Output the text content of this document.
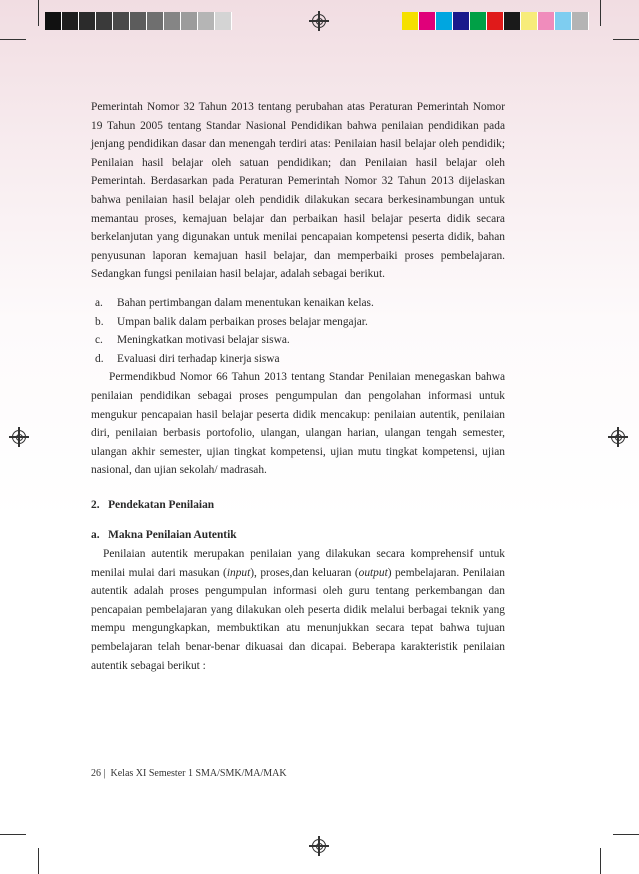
Pemerintah Nomor 32 Tahun 2013 tentang perubahan atas Peraturan Pemerintah Nomor 19 Tahun 2005 tentang Standar Nasional Pendidikan bahwa penilaian pendidikan pada jenjang pendidikan dasar dan menengah terdiri atas: Penilaian hasil belajar oleh pendidik; Penilaian hasil belajar oleh satuan pendidikan; dan Penilaian hasil belajar oleh Pemerintah. Berdasarkan pada Peraturan Pemerintah Nomor 32 Tahun 2013 dijelaskan bahwa penilaian hasil belajar oleh pendidik dilakukan secara berkesinambungan untuk memantau proses, kemajuan belajar dan perbaikan hasil belajar peserta didik secara berkelanjutan yang digunakan untuk menilai pencapaian kompetensi peserta didik, bahan penyusunan laporan kemajuan hasil belajar, dan memperbaiki proses pembelajaran. Sedangkan fungsi penilaian hasil belajar, adalah sebagai berikut.

a.	Bahan pertimbangan dalam menentukan kenaikan kelas.
b.	Umpan balik dalam perbaikan proses belajar mengajar.
c.	Meningkatkan motivasi belajar siswa.
d.	Evaluasi diri terhadap kinerja siswa

Permendikbud Nomor 66 Tahun 2013 tentang Standar Penilaian menegaskan bahwa penilaian pendidikan sebagai proses pengumpulan dan pengolahan informasi untuk mengukur pencapaian hasil belajar peserta didik mencakup: penilaian autentik, penilaian diri, penilaian berbasis portofolio, ulangan, ulangan harian, ulangan tengah semester, ulangan akhir semester, ujian tingkat kompetensi, ujian mutu tingkat kompetensi, ujian nasional, dan ujian sekolah/ madrasah.

2.   Pendekatan Penilaian

a.   Makna Penilaian Autentik

Penilaian autentik merupakan penilaian yang dilakukan secara komprehensif untuk menilai mulai dari masukan (input), proses,dan keluaran (output) pembelajaran. Penilaian autentik adalah proses pengumpulan informasi oleh guru tentang perkembangan dan pencapaian pembelajaran yang dilakukan oleh peserta didik melalui berbagai teknik yang mempu mengungkapkan, membuktikan atu menunjukkan secara tepat bahwa tujuan pembelajaran telah benar-benar dikuasai dan dicapai. Beberapa karakteristik penilaian autentik sebagai berikut :

26 |  Kelas XI Semester 1 SMA/SMK/MA/MAK
